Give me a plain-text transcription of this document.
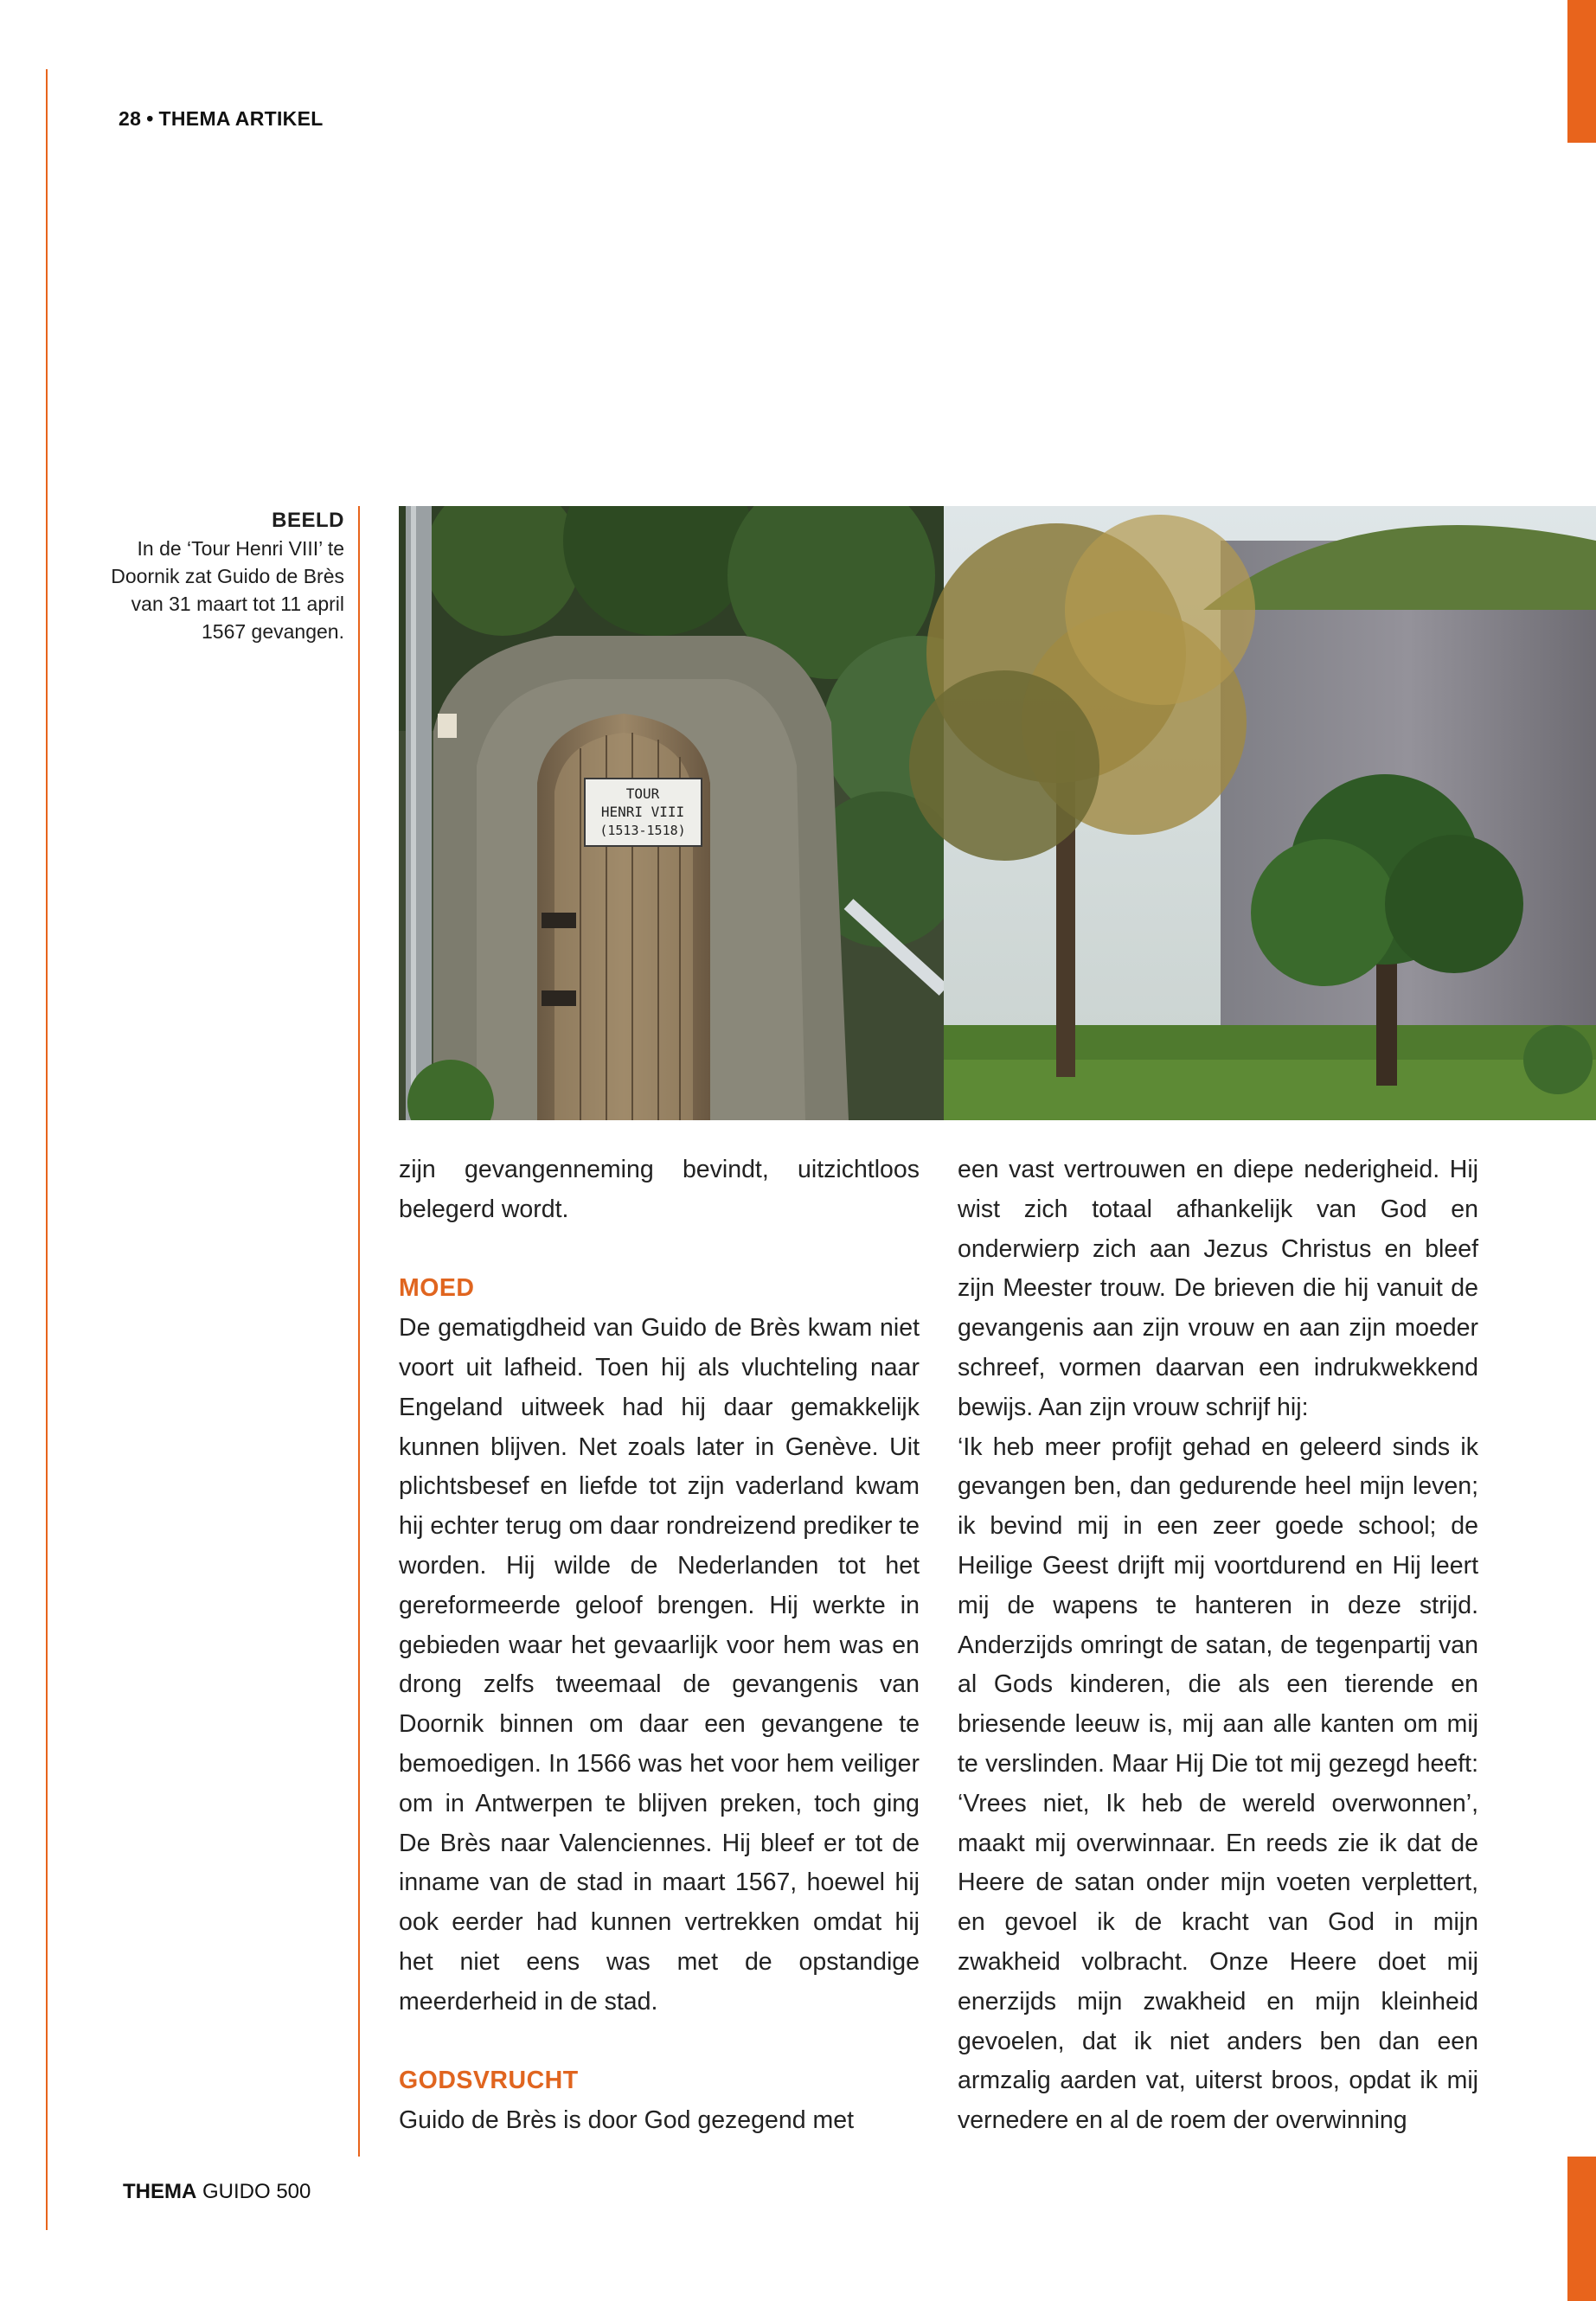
28 • THEMA ARTIKEL
BEELD
In de ‘Tour Henri VIII’ te Doornik zat Guido de Brès van 31 maart tot 11 april 1567 gevangen.
TOUR
HENRI VIII
(1513-1518)

zijn gevangenneming bevindt, uitzichtloos belegerd wordt.

MOED

De gematigdheid van Guido de Brès kwam niet voort uit lafheid. Toen hij als vluchteling naar Engeland uitweek had hij daar gemakkelijk kunnen blijven. Net zoals later in Genève. Uit plichtsbesef en liefde tot zijn vaderland kwam hij echter terug om daar rondreizend prediker te worden. Hij wilde de Nederlanden tot het gereformeerde geloof brengen. Hij werkte in gebieden waar het gevaarlijk voor hem was en drong zelfs tweemaal de gevangenis van Doornik binnen om daar een gevangene te bemoedigen. In 1566 was het voor hem veiliger om in Antwerpen te blijven preken, toch ging De Brès naar Valenciennes. Hij bleef er tot de inname van de stad in maart 1567, hoewel hij ook eerder had kunnen vertrekken omdat hij het niet eens was met de opstandige meerderheid in de stad.

GODSVRUCHT

Guido de Brès is door God gezegend met

een vast vertrouwen en diepe nederigheid. Hij wist zich totaal afhankelijk van God en onderwierp zich aan Jezus Christus en bleef zijn Meester trouw. De brieven die hij vanuit de gevangenis aan zijn vrouw en aan zijn moeder schreef, vormen daarvan een indrukwekkend bewijs. Aan zijn vrouw schrijf hij:

‘Ik heb meer profijt gehad en geleerd sinds ik gevangen ben, dan gedurende heel mijn leven; ik bevind mij in een zeer goede school; de Heilige Geest drijft mij voortdurend en Hij leert mij de wapens te hanteren in deze strijd. Anderzijds omringt de satan, de tegenpartij van al Gods kinderen, die als een tierende en briesende leeuw is, mij aan alle kanten om mij te verslinden. Maar Hij Die tot mij gezegd heeft: ‘Vrees niet, Ik heb de wereld overwonnen’, maakt mij overwinnaar. En reeds zie ik dat de Heere de satan onder mijn voeten verplettert, en gevoel ik de kracht van God in mijn zwakheid volbracht. Onze Heere doet mij enerzijds mijn zwakheid en mijn kleinheid gevoelen, dat ik niet anders ben dan een armzalig aarden vat, uiterst broos, opdat ik mij vernedere en al de roem der overwinning

THEMA GUIDO 500
